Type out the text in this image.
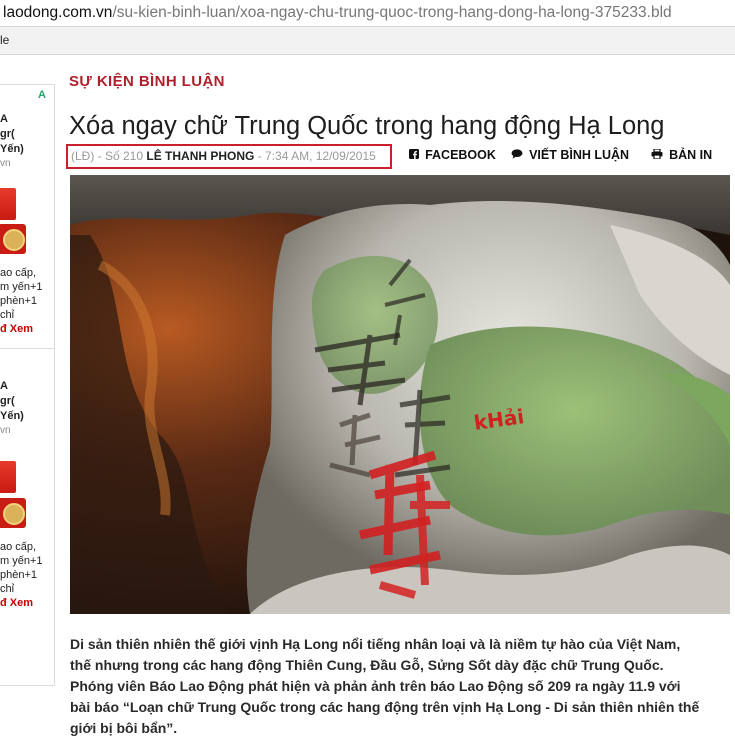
laodong.com.vn/su-kien-binh-luan/xoa-ngay-chu-trung-quoc-trong-hang-dong-ha-long-375233.bld
le
A
A
gr(
Yến)
vn
ao cấp,
m yến+1
phèn+1
chỉ
đ Xem
A
gr(
Yến)
vn
ao cấp,
m yến+1
phèn+1
chỉ
đ Xem
SỰ KIỆN BÌNH LUẬN
Xóa ngay chữ Trung Quốc trong hang động Hạ Long
(LĐ) - Số 210 LÊ THANH PHONG - 7:34 AM, 12/09/2015	FACEBOOK	VIẾT BÌNH LUẬN	BẢN IN
kHải
Di sản thiên nhiên thế giới vịnh Hạ Long nổi tiếng nhân loại và là niềm tự hào của Việt Nam,
thế nhưng trong các hang động Thiên Cung, Đầu Gỗ, Sửng Sốt dày đặc chữ Trung Quốc.
Phóng viên Báo Lao Động phát hiện và phản ảnh trên báo Lao Động số 209 ra ngày 11.9 với
bài báo “Loạn chữ Trung Quốc trong các hang động trên vịnh Hạ Long - Di sản thiên nhiên thế
giới bị bôi bẩn”.
